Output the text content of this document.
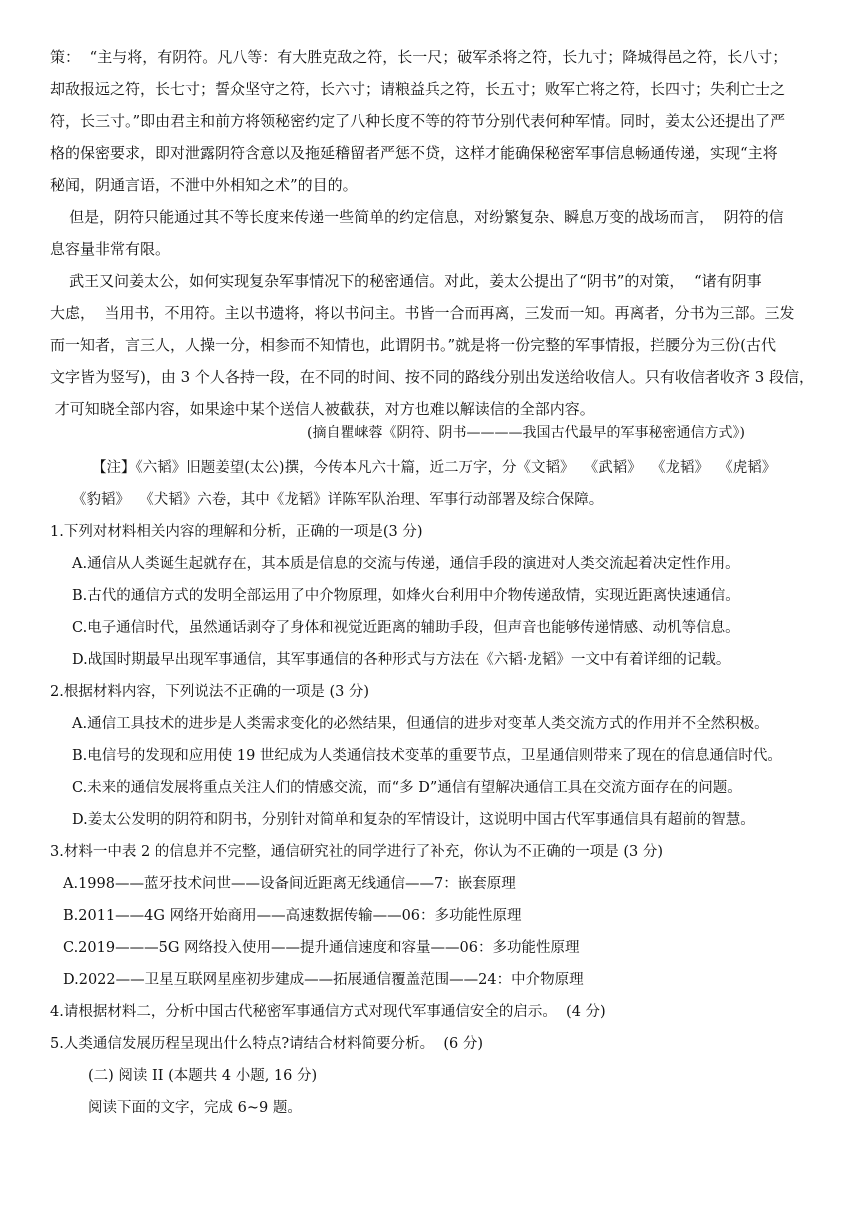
策：  “主与将，有阴符。凡八等：有大胜克敌之符，长一尺；破军杀将之符，长九寸；降城得邑之符，长八寸；
却敌报远之符，长七寸；誓众坚守之符，长六寸；请粮益兵之符，长五寸；败军亡将之符，长四寸；失利亡士之
符，长三寸。”即由君主和前方将领秘密约定了八种长度不等的符节分别代表何种军情。同时，姜太公还提出了严
格的保密要求，即对泄露阴符含意以及拖延稽留者严惩不贷，这样才能确保秘密军事信息畅通传递，实现“主将
秘闻，阴通言语，不泄中外相知之术”的目的。
但是，阴符只能通过其不等长度来传递一些简单的约定信息，对纷繁复杂、瞬息万变的战场而言，  阴符的信
息容量非常有限。
武王又问姜太公，如何实现复杂军事情况下的秘密通信。对此，姜太公提出了“阴书”的对策，  “诸有阴事
大虑，  当用书，不用符。主以书遗将，将以书问主。书皆一合而再离，三发而一知。再离者，分书为三部。三发
而一知者，言三人，人操一分，相参而不知情也，此谓阴书。”就是将一份完整的军事情报，拦腰分为三份(古代
文字皆为竖写)，由 3 个人各持一段，在不同的时间、按不同的路线分别出发送给收信人。只有收信者收齐 3 段信，
才可知晓全部内容，如果途中某个送信人被截获，对方也难以解读信的全部内容。
(摘自瞿崃蓉《阴符、阴书————我国古代最早的军事秘密通信方式》)
【注】《六韬》旧题姜望(太公)撰，今传本凡六十篇，近二万字，分《文韬》  《武韬》  《龙韬》  《虎韬》
《豹韬》  《犬韬》六卷，其中《龙韬》详陈军队治理、军事行动部署及综合保障。
1.下列对材料相关内容的理解和分析，正确的一项是(3 分)
A.通信从人类诞生起就存在，其本质是信息的交流与传递，通信手段的演进对人类交流起着决定性作用。
B.古代的通信方式的发明全部运用了中介物原理，如烽火台利用中介物传递敌情，实现近距离快速通信。
C.电子通信时代，虽然通话剥夺了身体和视觉近距离的辅助手段，但声音也能够传递情感、动机等信息。
D.战国时期最早出现军事通信，其军事通信的各种形式与方法在《六韬·龙韬》一文中有着详细的记载。
2.根据材料内容，下列说法不正确的一项是 (3 分)
A.通信工具技术的进步是人类需求变化的必然结果，但通信的进步对变革人类交流方式的作用并不全然积极。
B.电信号的发现和应用使 19 世纪成为人类通信技术变革的重要节点，卫星通信则带来了现在的信息通信时代。
C.未来的通信发展将重点关注人们的情感交流，而“多 D”通信有望解决通信工具在交流方面存在的问题。
D.姜太公发明的阴符和阴书，分别针对简单和复杂的军情设计，这说明中国古代军事通信具有超前的智慧。
3.材料一中表 2 的信息并不完整，通信研究社的同学进行了补充，你认为不正确的一项是 (3 分)
A.1998——蓝牙技术问世——设备间近距离无线通信——7：嵌套原理
B.2011——4G 网络开始商用——高速数据传输——06：多功能性原理
C.2019———5G 网络投入使用——提升通信速度和容量——06：多功能性原理
D.2022——卫星互联网星座初步建成——拓展通信覆盖范围——24：中介物原理
4.请根据材料二，分析中国古代秘密军事通信方式对现代军事通信安全的启示。  (4 分)
5.人类通信发展历程呈现出什么特点?请结合材料简要分析。  (6 分)
(二) 阅读 II (本题共 4 小题, 16 分)
阅读下面的文字，完成 6~9 题。
